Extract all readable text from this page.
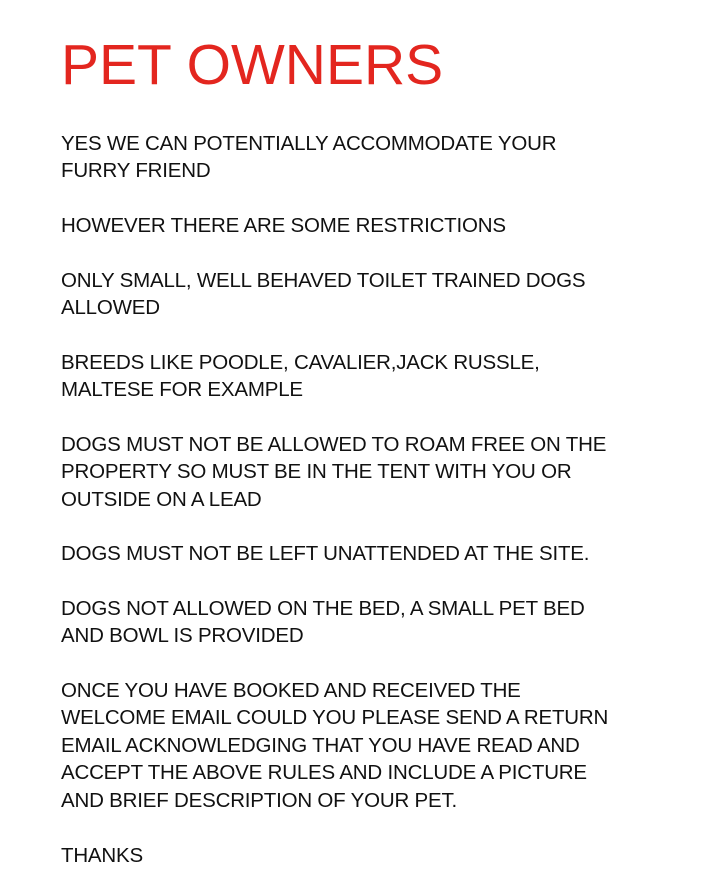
PET OWNERS

YES WE CAN POTENTIALLY ACCOMMODATE YOUR
FURRY FRIEND

HOWEVER THERE ARE SOME RESTRICTIONS

ONLY SMALL, WELL BEHAVED TOILET TRAINED DOGS
ALLOWED

BREEDS LIKE POODLE, CAVALIER,JACK RUSSLE,
MALTESE FOR EXAMPLE

DOGS MUST NOT BE ALLOWED TO ROAM FREE ON THE
PROPERTY SO MUST BE IN THE TENT WITH YOU OR
OUTSIDE ON A LEAD

DOGS MUST NOT BE LEFT UNATTENDED AT THE SITE.

DOGS NOT ALLOWED ON THE BED, A SMALL PET BED
AND BOWL IS PROVIDED

ONCE YOU HAVE BOOKED AND RECEIVED THE
WELCOME EMAIL COULD YOU PLEASE SEND A RETURN
EMAIL ACKNOWLEDGING THAT YOU HAVE READ AND
ACCEPT THE ABOVE RULES AND INCLUDE A PICTURE
AND BRIEF DESCRIPTION OF YOUR PET.

THANKS
